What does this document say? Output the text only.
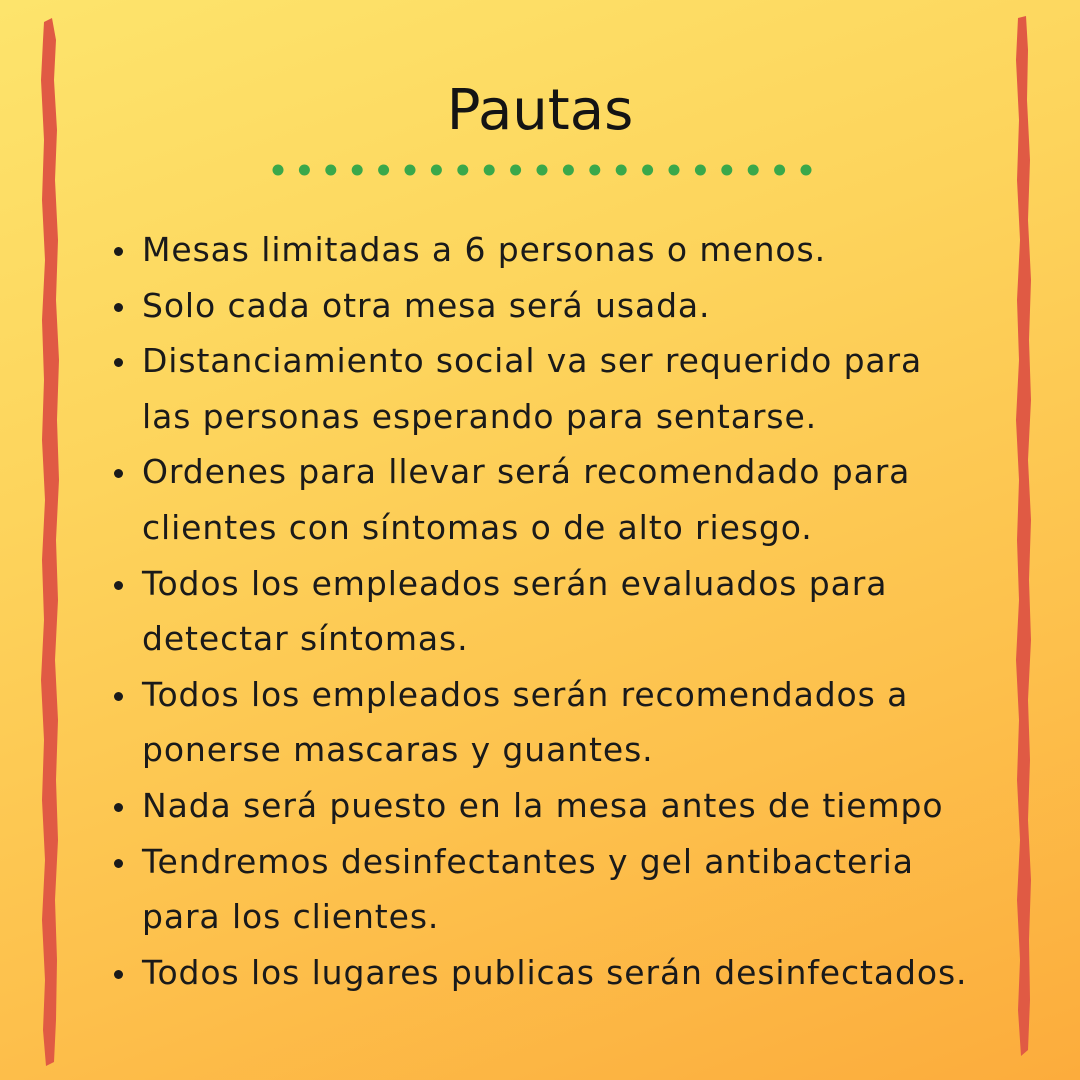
Pautas
Mesas limitadas a 6 personas o menos.
Solo cada otra mesa será usada.
Distanciamiento social va ser requerido para
las personas esperando para sentarse.
Ordenes para llevar será recomendado para
clientes con síntomas o de alto riesgo.
Todos los empleados serán evaluados para
detectar síntomas.
Todos los empleados serán recomendados a
ponerse mascaras y guantes.
Nada será puesto en la mesa antes de tiempo
Tendremos desinfectantes y gel antibacteria
para los clientes.
Todos los lugares publicas serán desinfectados.
